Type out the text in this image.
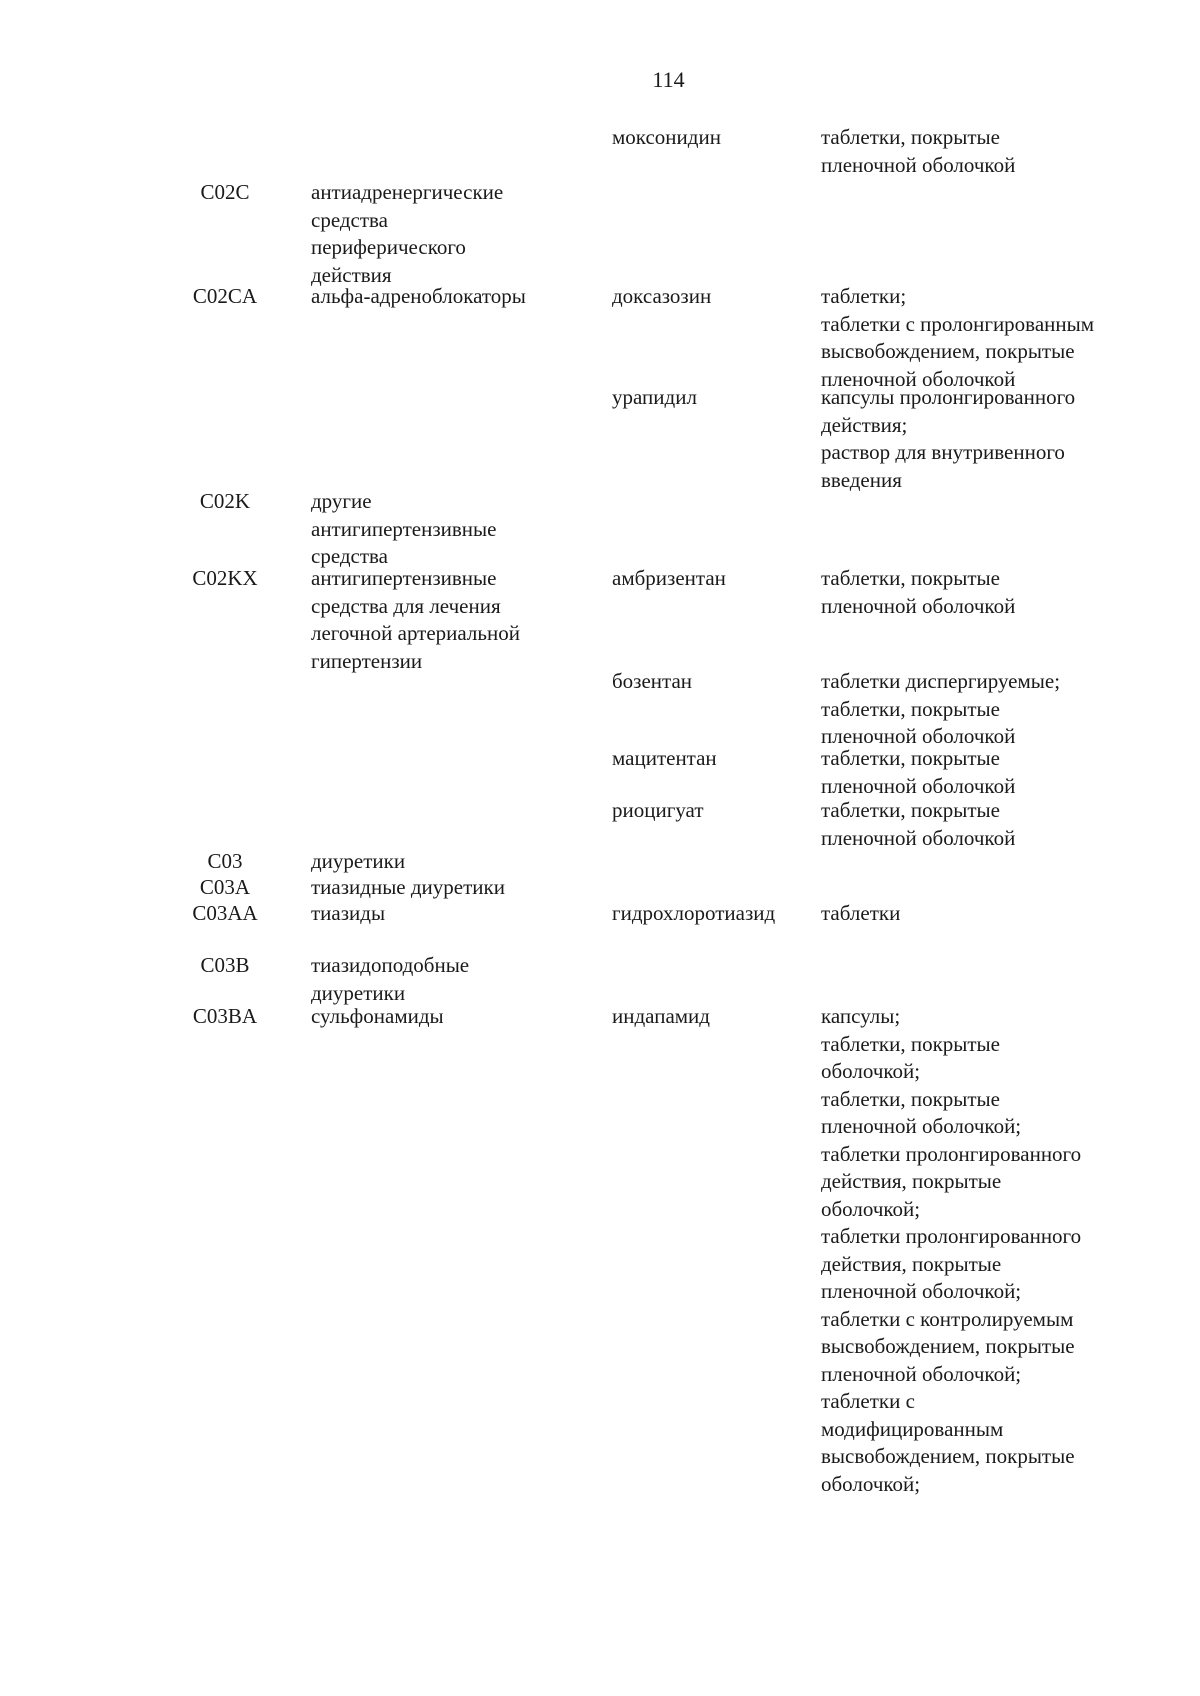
114
моксонидин	таблетки, покрытые
пленочной оболочкой
C02C	антиадренергические
средства
периферического
действия
C02CA	альфа-адреноблокаторы	доксазозин	таблетки;
таблетки с пролонгированным
высвобождением, покрытые
пленочной оболочкой
урапидил	капсулы пролонгированного
действия;
раствор для внутривенного
введения
C02K	другие
антигипертензивные
средства
C02KX	антигипертензивные
средства для лечения
легочной артериальной
гипертензии
амбризентан	таблетки, покрытые
пленочной оболочкой
бозентан	таблетки диспергируемые;
таблетки, покрытые
пленочной оболочкой
мацитентан	таблетки, покрытые
пленочной оболочкой
риоцигуат	таблетки, покрытые
пленочной оболочкой
C03	диуретики
C03A	тиазидные диуретики
C03AA	тиазиды	гидрохлоротиазид таблетки
C03B	тиазидоподобные
диуретики
C03BA	сульфонамиды	индапамид	капсулы;
таблетки, покрытые
оболочкой;
таблетки, покрытые
пленочной оболочкой;
таблетки пролонгированного
действия, покрытые
оболочкой;
таблетки пролонгированного
действия, покрытые
пленочной оболочкой;
таблетки с контролируемым
высвобождением, покрытые
пленочной оболочкой;
таблетки с
модифицированным
высвобождением, покрытые
оболочкой;
